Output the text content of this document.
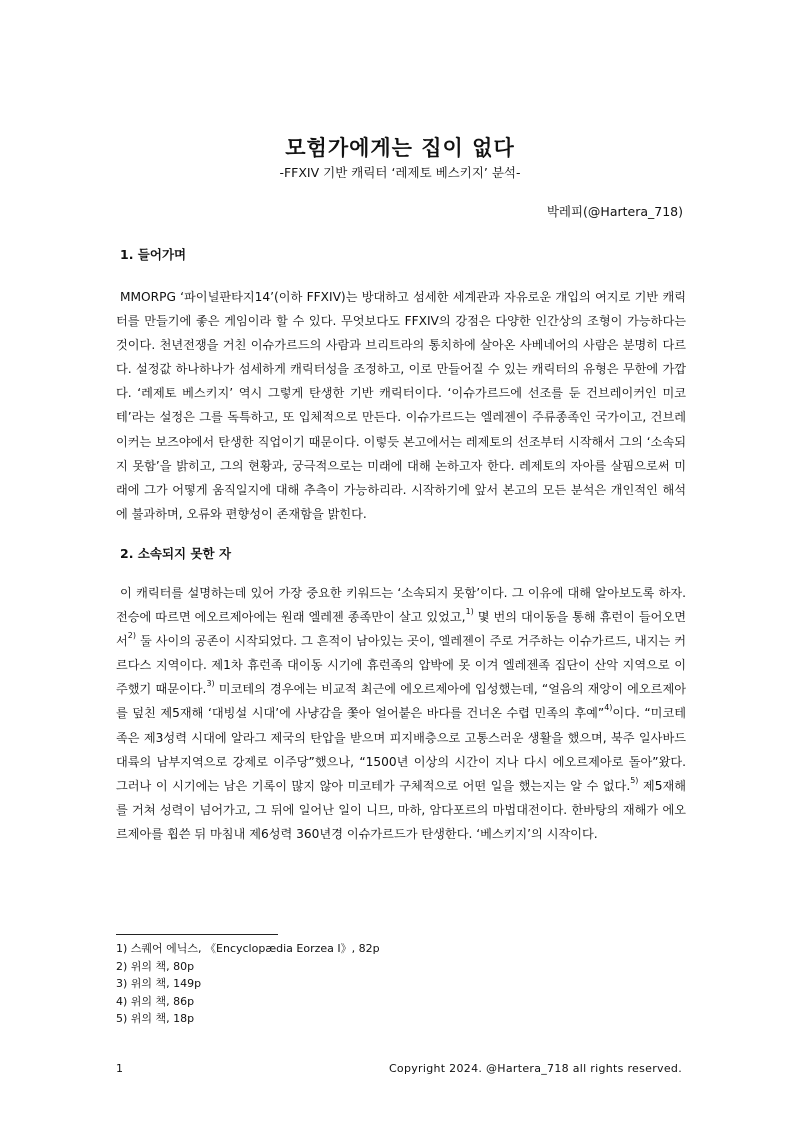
모험가에게는 집이 없다

-FFXIV 기반 캐릭터 ‘레제토 베스키지’ 분석-

박레피(@Hartera_718)

1. 들어가며

MMORPG ‘파이널판타지14’(이하 FFXIV)는 방대하고 섬세한 세계관과 자유로운 개입의 여지로 기반 캐릭터를 만들기에 좋은 게임이라 할 수 있다. 무엇보다도 FFXIV의 강점은 다양한 인간상의 조형이 가능하다는 것이다. 천년전쟁을 거친 이슈가르드의 사람과 브리트라의 통치하에 살아온 사베네어의 사람은 분명히 다르다. 설정값 하나하나가 섬세하게 캐릭터성을 조정하고, 이로 만들어질 수 있는 캐릭터의 유형은 무한에 가깝다. ‘레제토 베스키지’ 역시 그렇게 탄생한 기반 캐릭터이다. ‘이슈가르드에 선조를 둔 건브레이커인 미코테’라는 설정은 그를 독특하고, 또 입체적으로 만든다. 이슈가르드는 엘레젠이 주류종족인 국가이고, 건브레이커는 보즈야에서 탄생한 직업이기 때문이다. 이렇듯 본고에서는 레제토의 선조부터 시작해서 그의 ‘소속되지 못함’을 밝히고, 그의 현황과, 궁극적으로는 미래에 대해 논하고자 한다. 레제토의 자아를 살핌으로써 미래에 그가 어떻게 움직일지에 대해 추측이 가능하리라. 시작하기에 앞서 본고의 모든 분석은 개인적인 해석에 불과하며, 오류와 편향성이 존재함을 밝힌다.

2. 소속되지 못한 자

이 캐릭터를 설명하는데 있어 가장 중요한 키워드는 ‘소속되지 못함’이다. 그 이유에 대해 알아보도록 하자. 전승에 따르면 에오르제아에는 원래 엘레젠 종족만이 살고 있었고,$^{1)}$ 몇 번의 대이동을 통해 휴런이 들어오면서$^{2)}$ 둘 사이의 공존이 시작되었다. 그 흔적이 남아있는 곳이, 엘레젠이 주로 거주하는 이슈가르드, 내지는 커르다스 지역이다. 제1차 휴런족 대이동 시기에 휴런족의 압박에 못 이겨 엘레젠족 집단이 산악 지역으로 이주했기 때문이다.$^{3)}$ 미코테의 경우에는 비교적 최근에 에오르제아에 입성했는데, “얼음의 재앙이 에오르제아를 덮친 제5재해 ‘대빙설 시대’에 사냥감을 쫓아 얼어붙은 바다를 건너온 수렵 민족의 후예”$^{4)}$이다. “미코테족은 제3성력 시대에 알라그 제국의 탄압을 받으며 피지배층으로 고통스러운 생활을 했으며, 북주 일사바드 대륙의 남부지역으로 강제로 이주당”했으나, “1500년 이상의 시간이 지나 다시 에오르제아로 돌아”왔다. 그러나 이 시기에는 남은 기록이 많지 않아 미코테가 구체적으로 어떤 일을 했는지는 알 수 없다.$^{5)}$ 제5재해를 거쳐 성력이 넘어가고, 그 뒤에 일어난 일이 니므, 마하, 암다포르의 마법대전이다. 한바탕의 재해가 에오르제아를 휩쓴 뒤 마침내 제6성력 360년경 이슈가르드가 탄생한다. ‘베스키지’의 시작이다.

1) 스퀘어 에닉스, 《Encyclopædia Eorzea I》, 82p
2) 위의 책, 80p
3) 위의 책, 149p
4) 위의 책, 86p
5) 위의 책, 18p
1	Copyright 2024. @Hartera_718 all rights reserved.
